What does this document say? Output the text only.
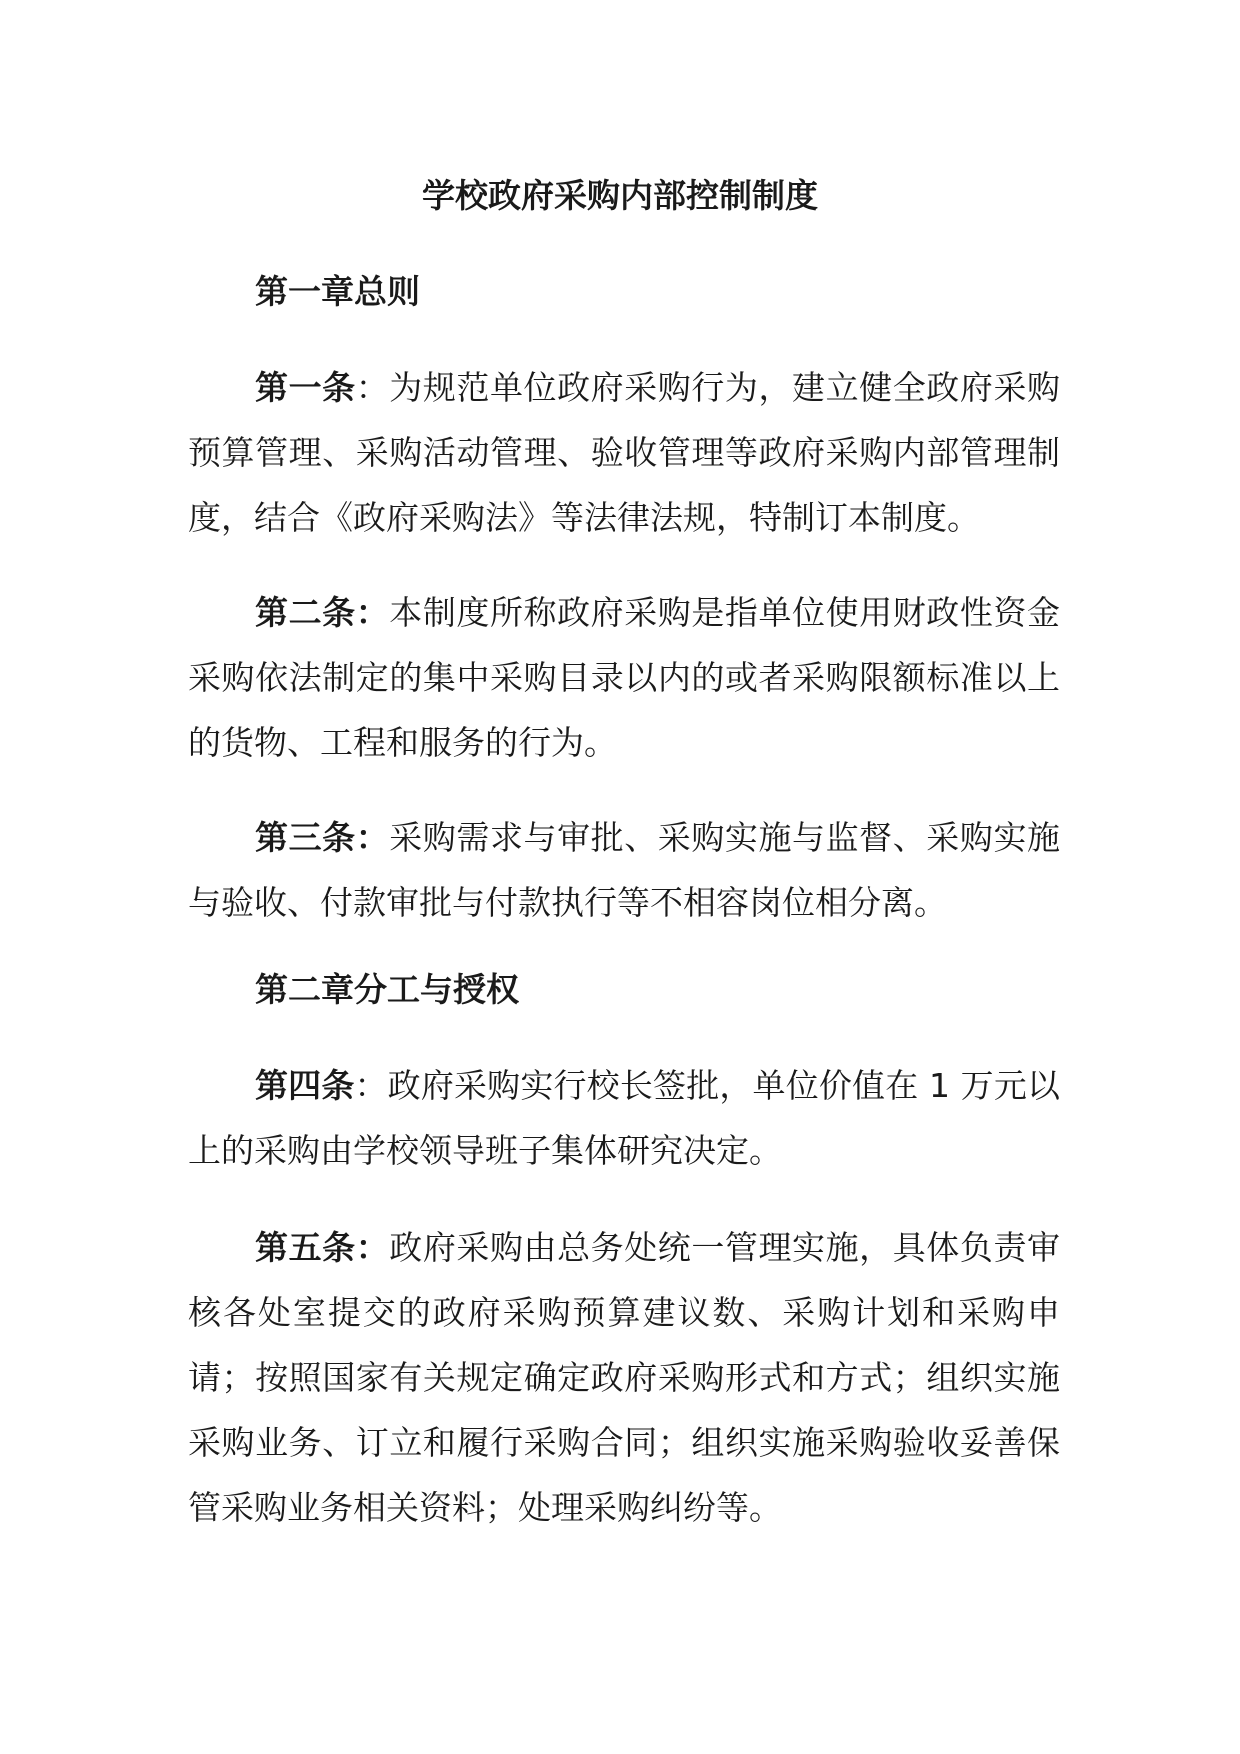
学校政府采购内部控制制度
第一章总则

第一条：为规范单位政府采购行为，建立健全政府采购预算管理、采购活动管理、验收管理等政府采购内部管理制度，结合《政府采购法》等法律法规，特制订本制度。

第二条：本制度所称政府采购是指单位使用财政性资金采购依法制定的集中采购目录以内的或者采购限额标准以上的货物、工程和服务的行为。

第三条：采购需求与审批、采购实施与监督、采购实施与验收、付款审批与付款执行等不相容岗位相分离。

第二章分工与授权

第四条：政府采购实行校长签批，单位价值在 1 万元以上的采购由学校领导班子集体研究决定。

第五条：政府采购由总务处统一管理实施，具体负责审核各处室提交的政府采购预算建议数、采购计划和采购申请；按照国家有关规定确定政府采购形式和方式；组织实施采购业务、订立和履行采购合同；组织实施采购验收妥善保管采购业务相关资料；处理采购纠纷等。
